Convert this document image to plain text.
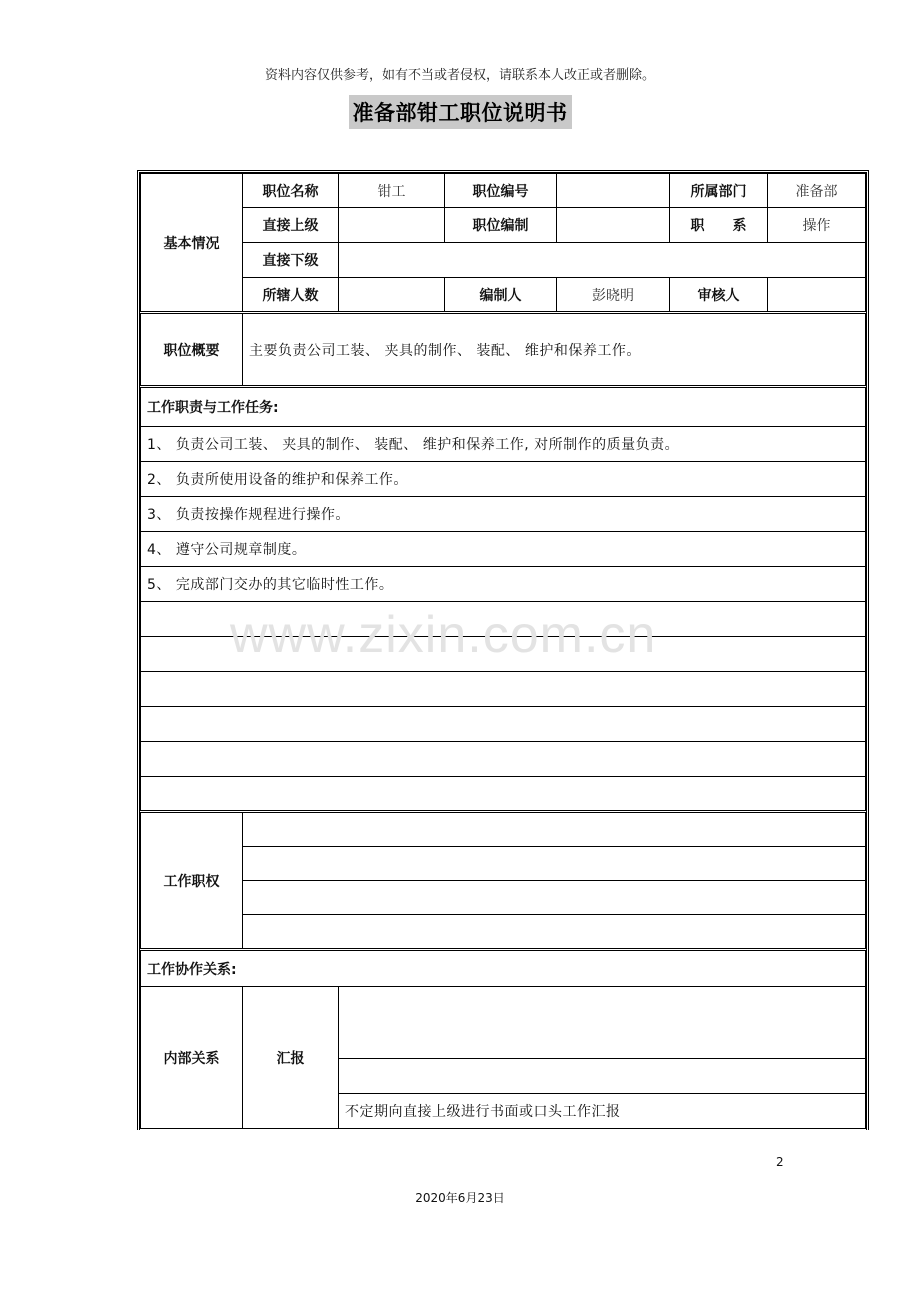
资料内容仅供参考，如有不当或者侵权，请联系本人改正或者删除。
准备部钳工职位说明书
基本情况	职位名称	钳工	职位编号		所属部门	准备部
	直接上级		职位编制		职　　系	操作
	直接下级					
	所辖人数		编制人	彭晓明	审核人	
职位概要	主要负责公司工装、 夹具的制作、 装配、 维护和保养工作。					
工作职责与工作任务:						
1、 负责公司工装、 夹具的制作、 装配、 维护和保养工作, 对所制作的质量负责。						
2、 负责所使用设备的维护和保养工作。						
3、 负责按操作规程进行操作。						
4、 遵守公司规章制度。						
5、 完成部门交办的其它临时性工作。						

工作职权						

工作协作关系:						
内部关系	汇报					

		不定期向直接上级进行书面或口头工作汇报				
www.zixin.com.cn
2
2020年6月23日
